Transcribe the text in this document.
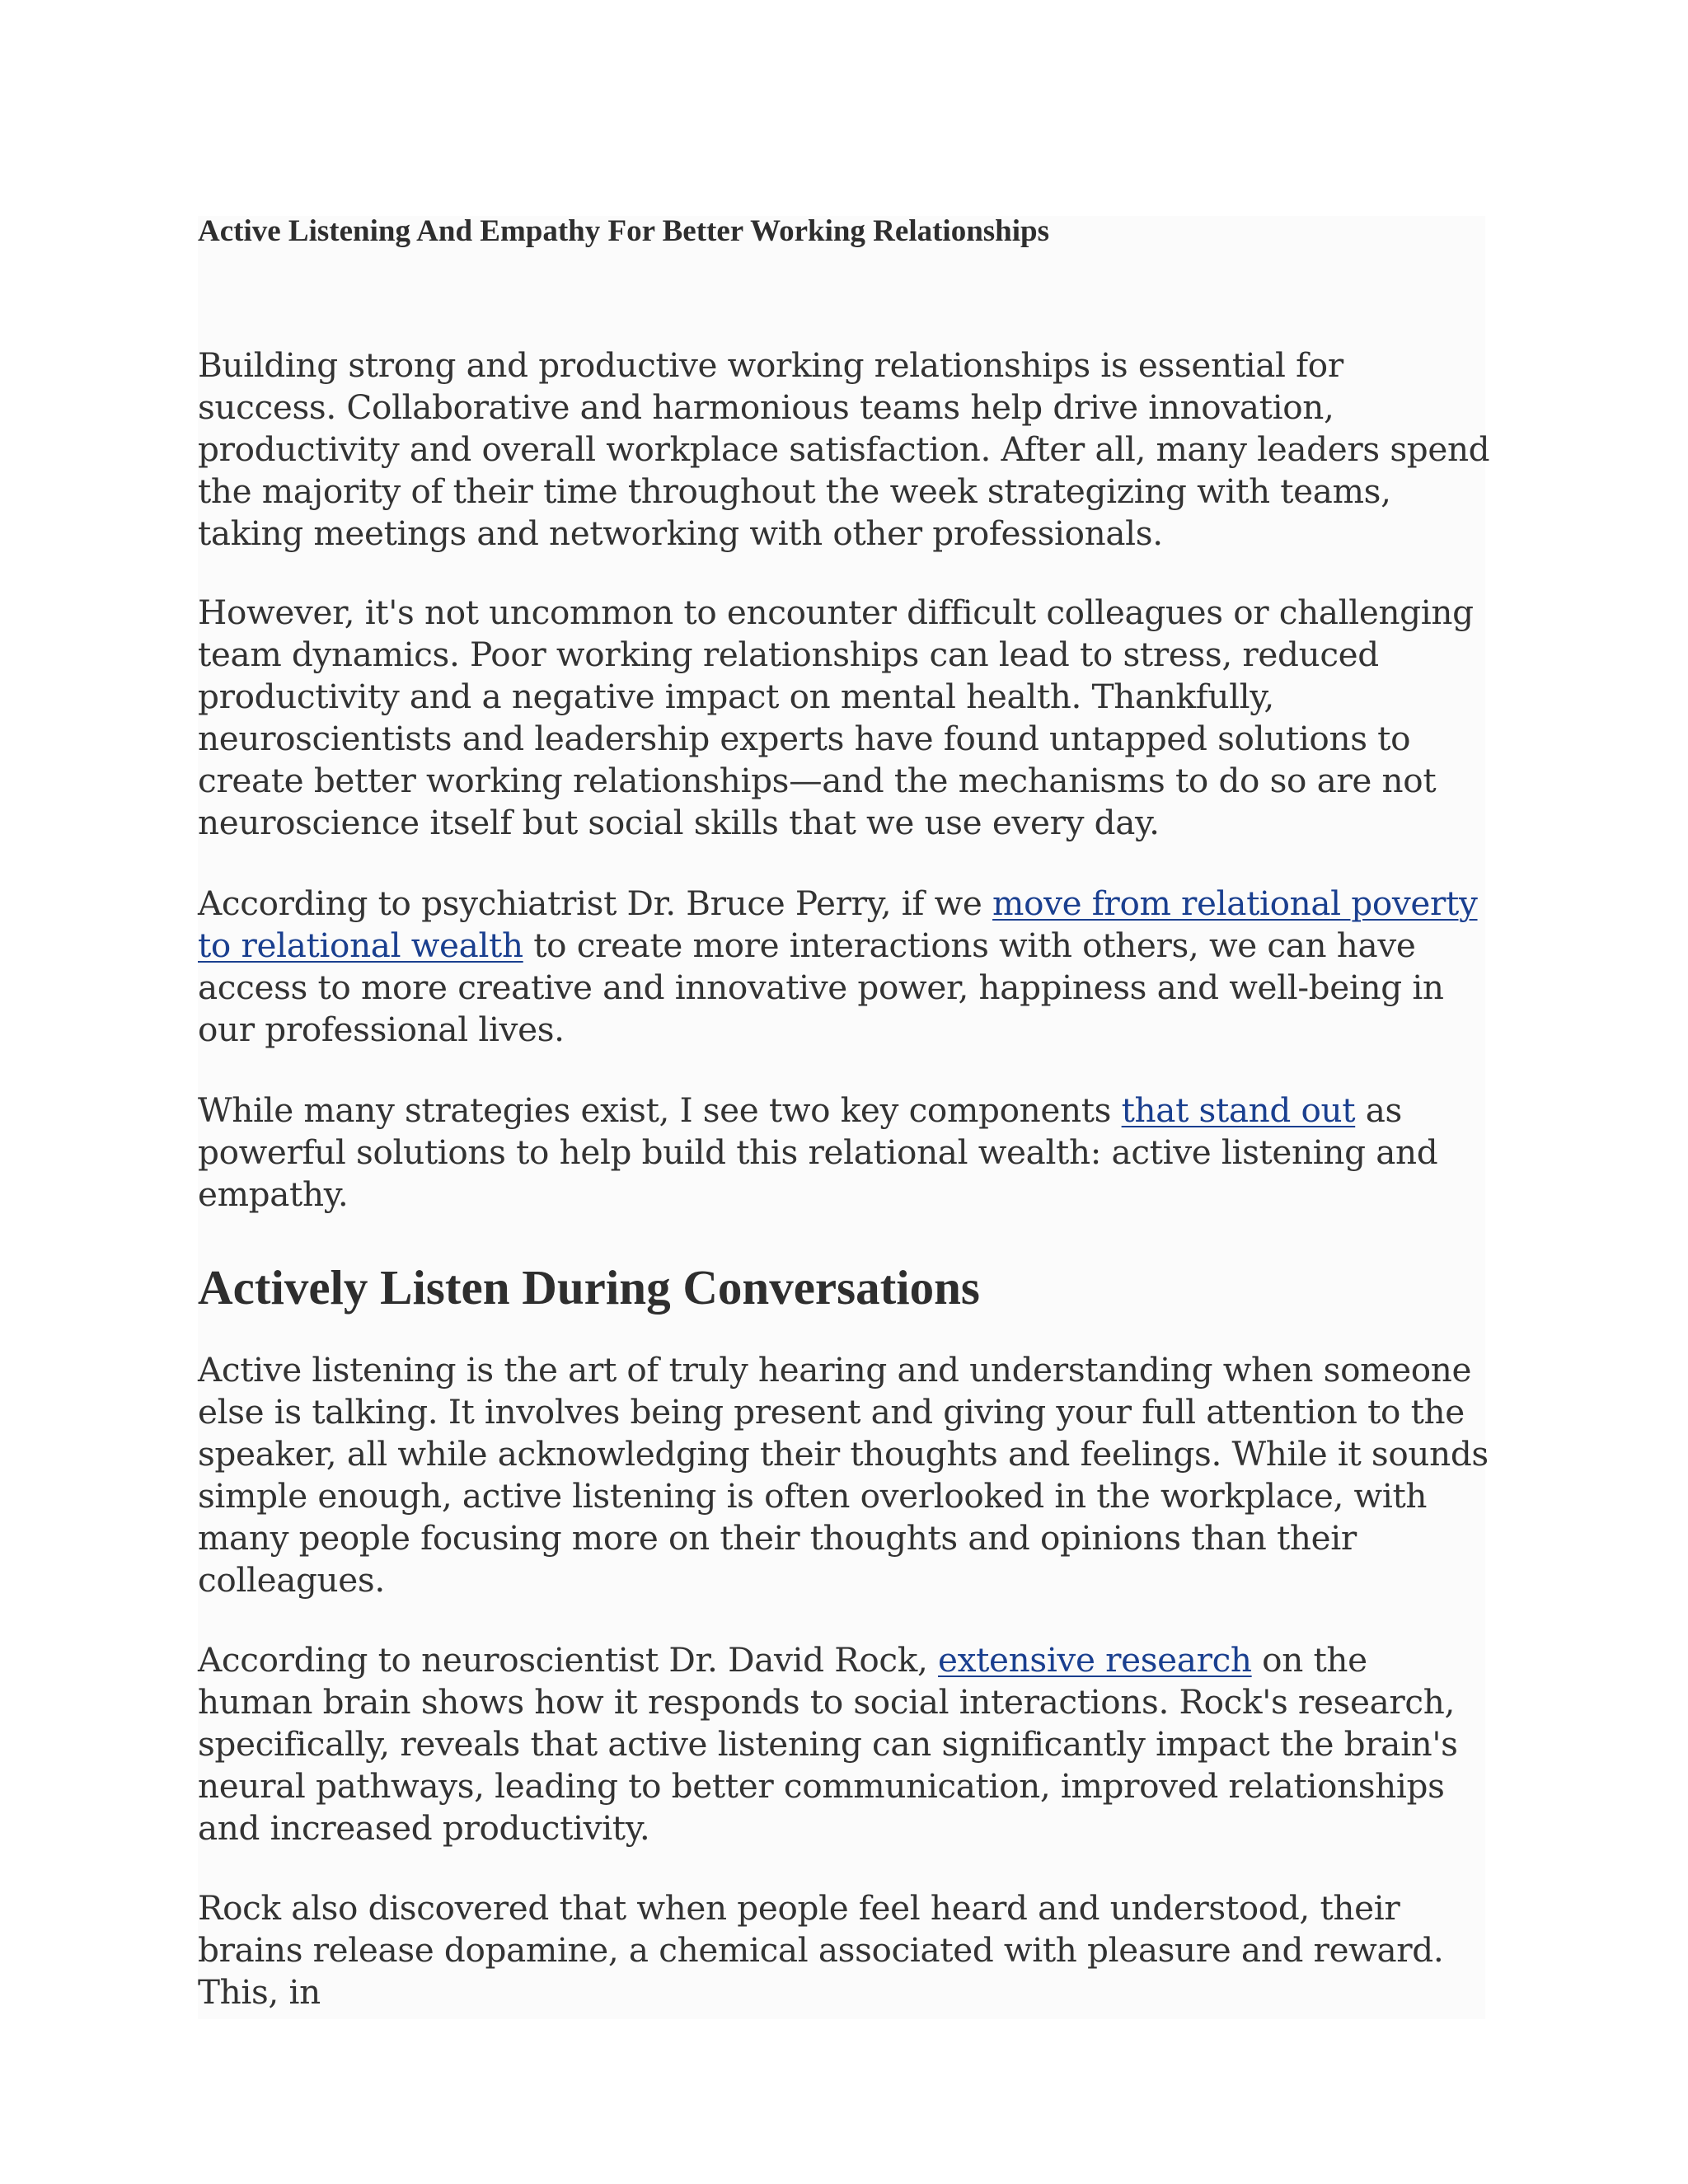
Active Listening And Empathy For Better Working Relationships

Building strong and productive working relationships is essential for success. Collaborative and harmonious teams help drive innovation, productivity and overall workplace satisfaction. After all, many leaders spend the majority of their time throughout the week strategizing with teams, taking meetings and networking with other professionals.

However, it's not uncommon to encounter difficult colleagues or challenging team dynamics. Poor working relationships can lead to stress, reduced productivity and a negative impact on mental health. Thankfully, neuroscientists and leadership experts have found untapped solutions to create better working relationships—and the mechanisms to do so are not neuroscience itself but social skills that we use every day.

According to psychiatrist Dr. Bruce Perry, if we move from relational poverty to relational wealth to create more interactions with others, we can have access to more creative and innovative power, happiness and well-being in our professional lives.

While many strategies exist, I see two key components that stand out as powerful solutions to help build this relational wealth: active listening and empathy.

Actively Listen During Conversations

Active listening is the art of truly hearing and understanding when someone else is talking. It involves being present and giving your full attention to the speaker, all while acknowledging their thoughts and feelings. While it sounds simple enough, active listening is often overlooked in the workplace, with many people focusing more on their thoughts and opinions than their colleagues.

According to neuroscientist Dr. David Rock, extensive research on the human brain shows how it responds to social interactions. Rock's research, specifically, reveals that active listening can significantly impact the brain's neural pathways, leading to better communication, improved relationships and increased productivity.

Rock also discovered that when people feel heard and understood, their brains release dopamine, a chemical associated with pleasure and reward. This, in
